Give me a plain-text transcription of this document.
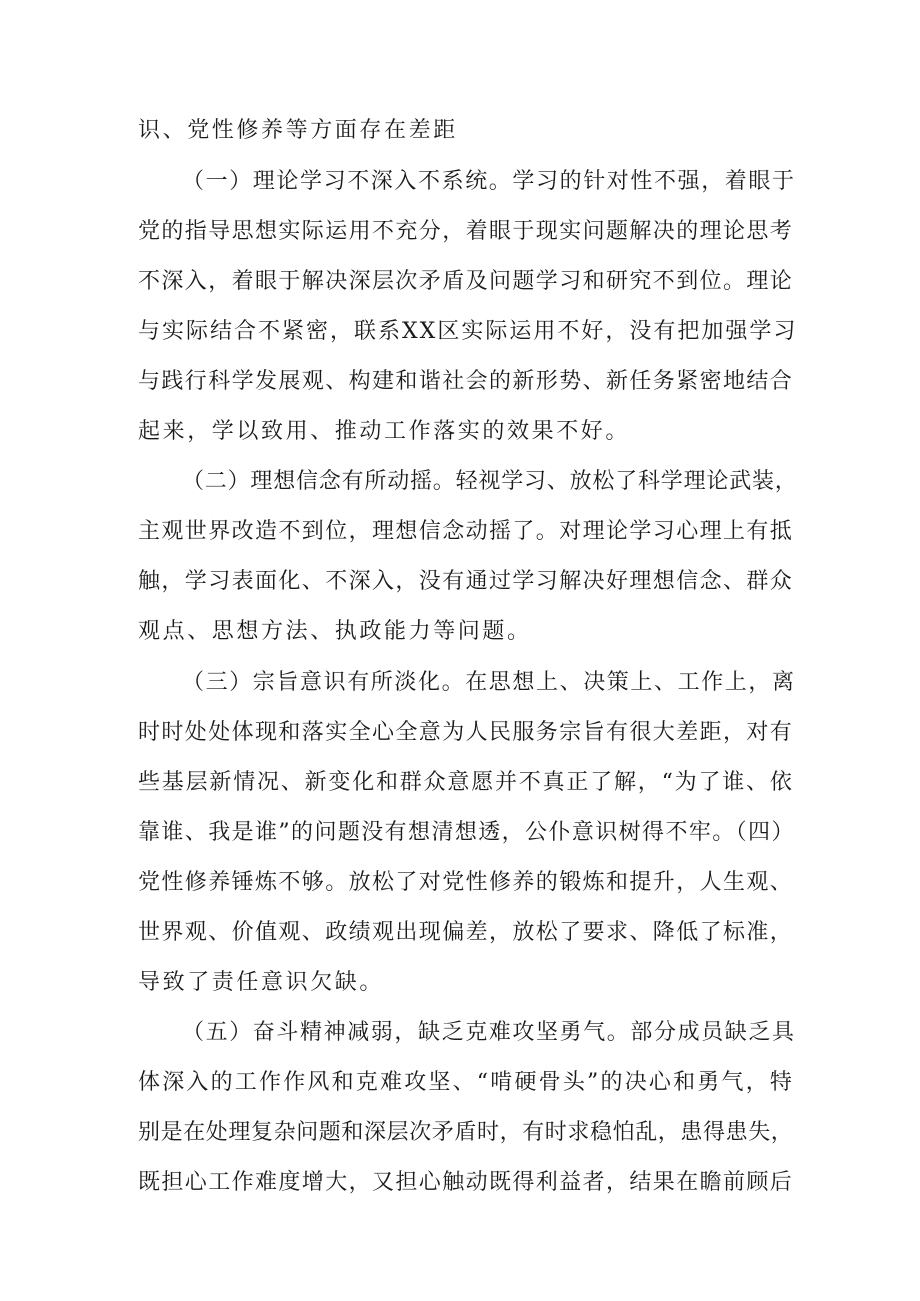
识、党性修养等方面存在差距
（一）理论学习不深入不系统。学习的针对性不强，着眼于
党的指导思想实际运用不充分，着眼于现实问题解决的理论思考
不深入，着眼于解决深层次矛盾及问题学习和研究不到位。理论
与实际结合不紧密，联系XX区实际运用不好，没有把加强学习
与践行科学发展观、构建和谐社会的新形势、新任务紧密地结合
起来，学以致用、推动工作落实的效果不好。
（二）理想信念有所动摇。轻视学习、放松了科学理论武装，
主观世界改造不到位，理想信念动摇了。对理论学习心理上有抵
触，学习表面化、不深入，没有通过学习解决好理想信念、群众
观点、思想方法、执政能力等问题。
（三）宗旨意识有所淡化。在思想上、决策上、工作上，离
时时处处体现和落实全心全意为人民服务宗旨有很大差距，对有
些基层新情况、新变化和群众意愿并不真正了解，“为了谁、依
靠谁、我是谁”的问题没有想清想透，公仆意识树得不牢。（四）
党性修养锤炼不够。放松了对党性修养的锻炼和提升，人生观、
世界观、价值观、政绩观出现偏差，放松了要求、降低了标准，
导致了责任意识欠缺。
（五）奋斗精神减弱，缺乏克难攻坚勇气。部分成员缺乏具
体深入的工作作风和克难攻坚、“啃硬骨头”的决心和勇气，特
别是在处理复杂问题和深层次矛盾时，有时求稳怕乱，患得患失，
既担心工作难度增大，又担心触动既得利益者，结果在瞻前顾后
